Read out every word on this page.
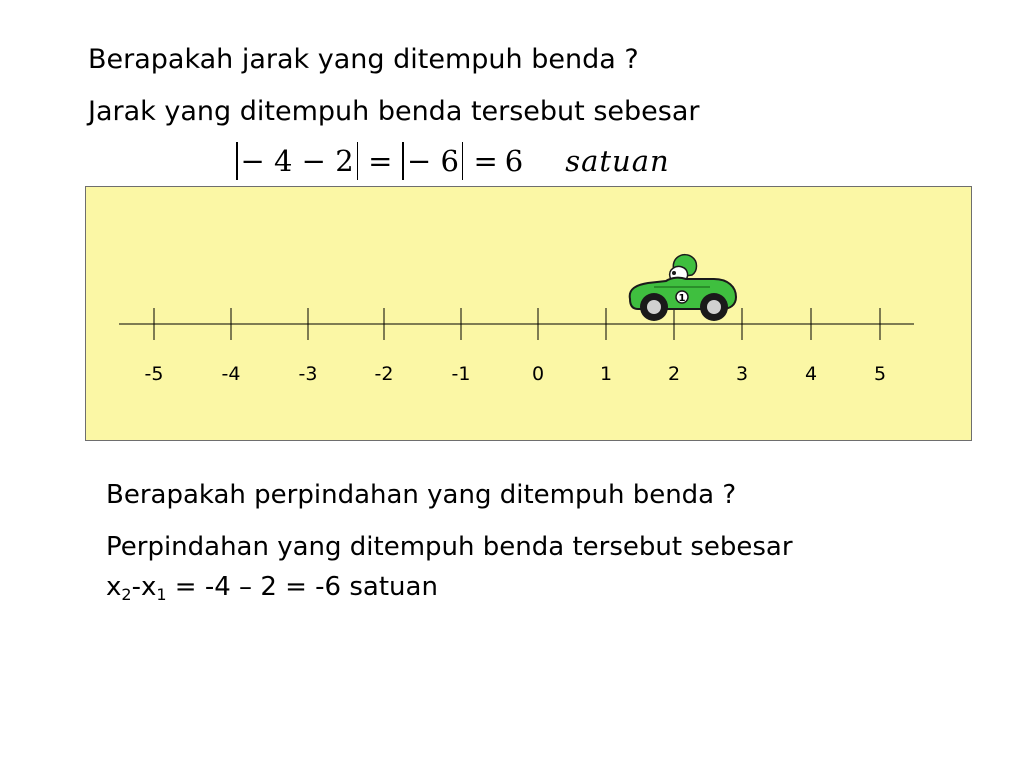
Berapakah jarak yang ditempuh benda ?
Jarak yang ditempuh benda tersebut sebesar
− 4 − 2 = − 6 = 6 satuan
-5	-4	-3	-2	-1	0	1	2	3	4	5
1
Berapakah perpindahan yang ditempuh benda ?
Perpindahan yang ditempuh benda tersebut sebesar
$x_2-x_1 = -4 - 2 = -6$ satuan
